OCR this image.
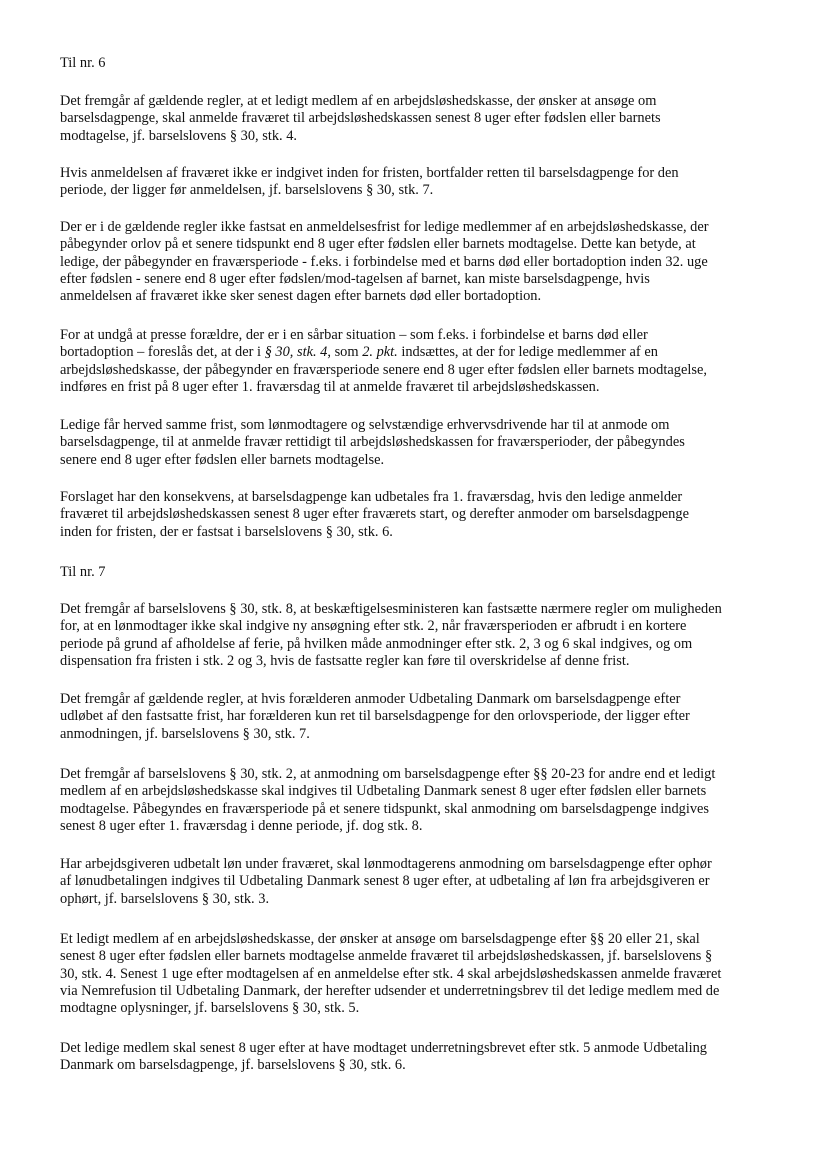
Til nr. 6

Det fremgår af gældende regler, at et ledigt medlem af en arbejdsløshedskasse, der ønsker at ansøge om
barselsdagpenge, skal anmelde fraværet til arbejdsløshedskassen senest 8 uger efter fødslen eller barnets
modtagelse, jf. barselslovens § 30, stk. 4.

Hvis anmeldelsen af fraværet ikke er indgivet inden for fristen, bortfalder retten til barselsdagpenge for den
periode, der ligger før anmeldelsen, jf. barselslovens § 30, stk. 7.

Der er i de gældende regler ikke fastsat en anmeldelsesfrist for ledige medlemmer af en arbejdsløshedskasse, der
påbegynder orlov på et senere tidspunkt end 8 uger efter fødslen eller barnets modtagelse. Dette kan betyde, at
ledige, der påbegynder en fraværsperiode - f.eks. i forbindelse med et barns død eller bortadoption inden 32. uge
efter fødslen - senere end 8 uger efter fødslen/mod-tagelsen af barnet, kan miste barselsdagpenge, hvis
anmeldelsen af fraværet ikke sker senest dagen efter barnets død eller bortadoption.

For at undgå at presse forældre, der er i en sårbar situation – som f.eks. i forbindelse et barns død eller
bortadoption – foreslås det, at der i § 30, stk. 4, som 2. pkt. indsættes, at der for ledige medlemmer af en
arbejdsløshedskasse, der påbegynder en fraværsperiode senere end 8 uger efter fødslen eller barnets modtagelse,
indføres en frist på 8 uger efter 1. fraværsdag til at anmelde fraværet til arbejdsløshedskassen.

Ledige får herved samme frist, som lønmodtagere og selvstændige erhvervsdrivende har til at anmode om
barselsdagpenge, til at anmelde fravær rettidigt til arbejdsløshedskassen for fraværsperioder, der påbegyndes
senere end 8 uger efter fødslen eller barnets modtagelse.

Forslaget har den konsekvens, at barselsdagpenge kan udbetales fra 1. fraværsdag, hvis den ledige anmelder
fraværet til arbejdsløshedskassen senest 8 uger efter fraværets start, og derefter anmoder om barselsdagpenge
inden for fristen, der er fastsat i barselslovens § 30, stk. 6.

Til nr. 7

Det fremgår af barselslovens § 30, stk. 8, at beskæftigelsesministeren kan fastsætte nærmere regler om muligheden
for, at en lønmodtager ikke skal indgive ny ansøgning efter stk. 2, når fraværsperioden er afbrudt i en kortere
periode på grund af afholdelse af ferie, på hvilken måde anmodninger efter stk. 2, 3 og 6 skal indgives, og om
dispensation fra fristen i stk. 2 og 3, hvis de fastsatte regler kan føre til overskridelse af denne frist.

Det fremgår af gældende regler, at hvis forælderen anmoder Udbetaling Danmark om barselsdagpenge efter
udløbet af den fastsatte frist, har forælderen kun ret til barselsdagpenge for den orlovsperiode, der ligger efter
anmodningen, jf. barselslovens § 30, stk. 7.

Det fremgår af barselslovens § 30, stk. 2, at anmodning om barselsdagpenge efter §§ 20-23 for andre end et ledigt
medlem af en arbejdsløshedskasse skal indgives til Udbetaling Danmark senest 8 uger efter fødslen eller barnets
modtagelse. Påbegyndes en fraværsperiode på et senere tidspunkt, skal anmodning om barselsdagpenge indgives
senest 8 uger efter 1. fraværsdag i denne periode, jf. dog stk. 8.

Har arbejdsgiveren udbetalt løn under fraværet, skal lønmodtagerens anmodning om barselsdagpenge efter ophør
af lønudbetalingen indgives til Udbetaling Danmark senest 8 uger efter, at udbetaling af løn fra arbejdsgiveren er
ophørt, jf. barselslovens § 30, stk. 3.

Et ledigt medlem af en arbejdsløshedskasse, der ønsker at ansøge om barselsdagpenge efter §§ 20 eller 21, skal
senest 8 uger efter fødslen eller barnets modtagelse anmelde fraværet til arbejdsløshedskassen, jf. barselslovens §
30, stk. 4. Senest 1 uge efter modtagelsen af en anmeldelse efter stk. 4 skal arbejdsløshedskassen anmelde fraværet
via Nemrefusion til Udbetaling Danmark, der herefter udsender et underretningsbrev til det ledige medlem med de
modtagne oplysninger, jf. barselslovens § 30, stk. 5.

Det ledige medlem skal senest 8 uger efter at have modtaget underretningsbrevet efter stk. 5 anmode Udbetaling
Danmark om barselsdagpenge, jf. barselslovens § 30, stk. 6.
